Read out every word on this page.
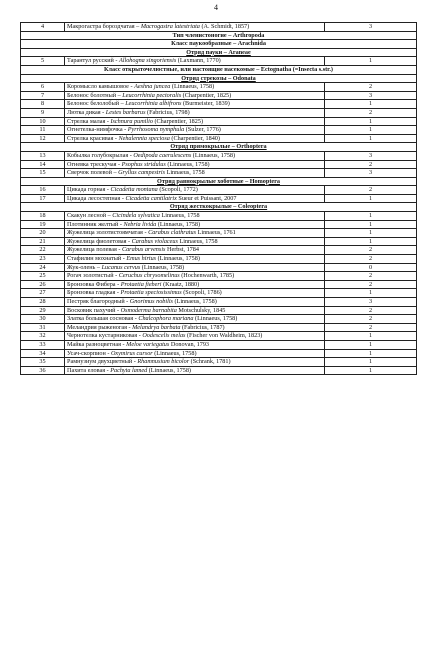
4
4	Макрогастра бороздчатая – Macrogastra latestriata (A. Schmidt, 1857)	3
Тип членистоногие – Arthropoda		
Класс паукообразные – Arachnida		
Отряд пауки – Araneae		
5	Тарантул русский - Allohogna singoriensis (Laxmann, 1770)	1
Класс открыточелюстные, или настоящие насекомые – Ectognatha (=Insecta s.str.)		
Отряд стрекозы – Odonata		
6	Коромысло камышовое - Aeshna juncea (Linnaeus, 1758)	2
7	Белонос болотный – Leucorrhinia pectoralis (Charpentier, 1825)	3
8	Белонос белолобый – Leucorrhinia albifrons (Burmeister, 1839)	1
9	Лютка дикая - Lestes barbarus (Fabricius, 1798)	2
10	Стрелка малая - Ischnura pumilio (Charpentier, 1825)	1
11	Огнетелка-нимфочка - Pyrrhosoma nymphula (Sulzer, 1776)	1
12	Стрелка красивая - Nehalennia speciosa (Charpentier, 1840)	1
Отряд прямокрылые – Orthoptera		
13	Кобылка голубокрылая - Oedipoda caerulescens (Linnaeus, 1758)	3
14	Огневка трескучая - Psophus stridulus (Linnaeus, 1758)	2
15	Сверчок полевой – Gryllus campestris Linnaeus, 1758	3
Отряд равнокрылые хоботные – Homoptera		
16	Цикада горная - Cicadetta montana (Scopoli, 1772)	2
17	Цикада лесостепная - Cicadetta cantilatrix Sueur et Puissant, 2007	1
Отряд жесткокрылые – Coleoptera		
18	Скакун лесной – Cicindela sylvatica Linnaeus, 1758	1
19	Плотинник желтый - Nebria livida (Linnaeus, 1758)	1
20	Жужелица золотистоямчатая - Carabus clathratus Linnaeus, 1761	1
21	Жужелица фиолетовая - Carabus violaceus Linnaeus, 1758	1
22	Жужелица полевая - Carabus arvensis Herbst, 1784	2
23	Стафилин мохнатый - Emus hirtus (Linnaeus, 1758)	2
24	Жук-олень – Lucanus cervus (Linnaeus, 1758)	0
25	Рогач золотистый - Ceruchus chrysomelinus (Hochenwarth, 1785)	2
26	Бронзовка Фибера - Protaetia fieberi (Kraatz, 1880)	2
27	Бронзовка гладкая - Protaetia speciosissimus (Scopoli, 1786)	1
28	Пестряк благородный - Gnorimus nobilis (Linnaeus, 1758)	3
29	Восковик пахучий - Osmoderma barnabita Motschulsky, 1845	2
30	Златка большая сосновая - Chalcophora mariana (Linnaeus, 1758)	2
31	Меландрия рыженогая - Melandrya barbata (Fabricius, 1787)	2
32	Чернотелка кустарниковая - Oodescelis melas (Fischer von Waldheim, 1823)	1
33	Майка разноцветная - Meloe variegatus Donovan, 1793	1
34	Усач-скорпион - Oxymirus cursor (Linnaeus, 1758)	1
35	Рамнузиум двухцветный - Rhamnusium bicolor (Schrank, 1781)	1
36	Пахита еловая - Pachyta lamed (Linnaeus, 1758)	1
